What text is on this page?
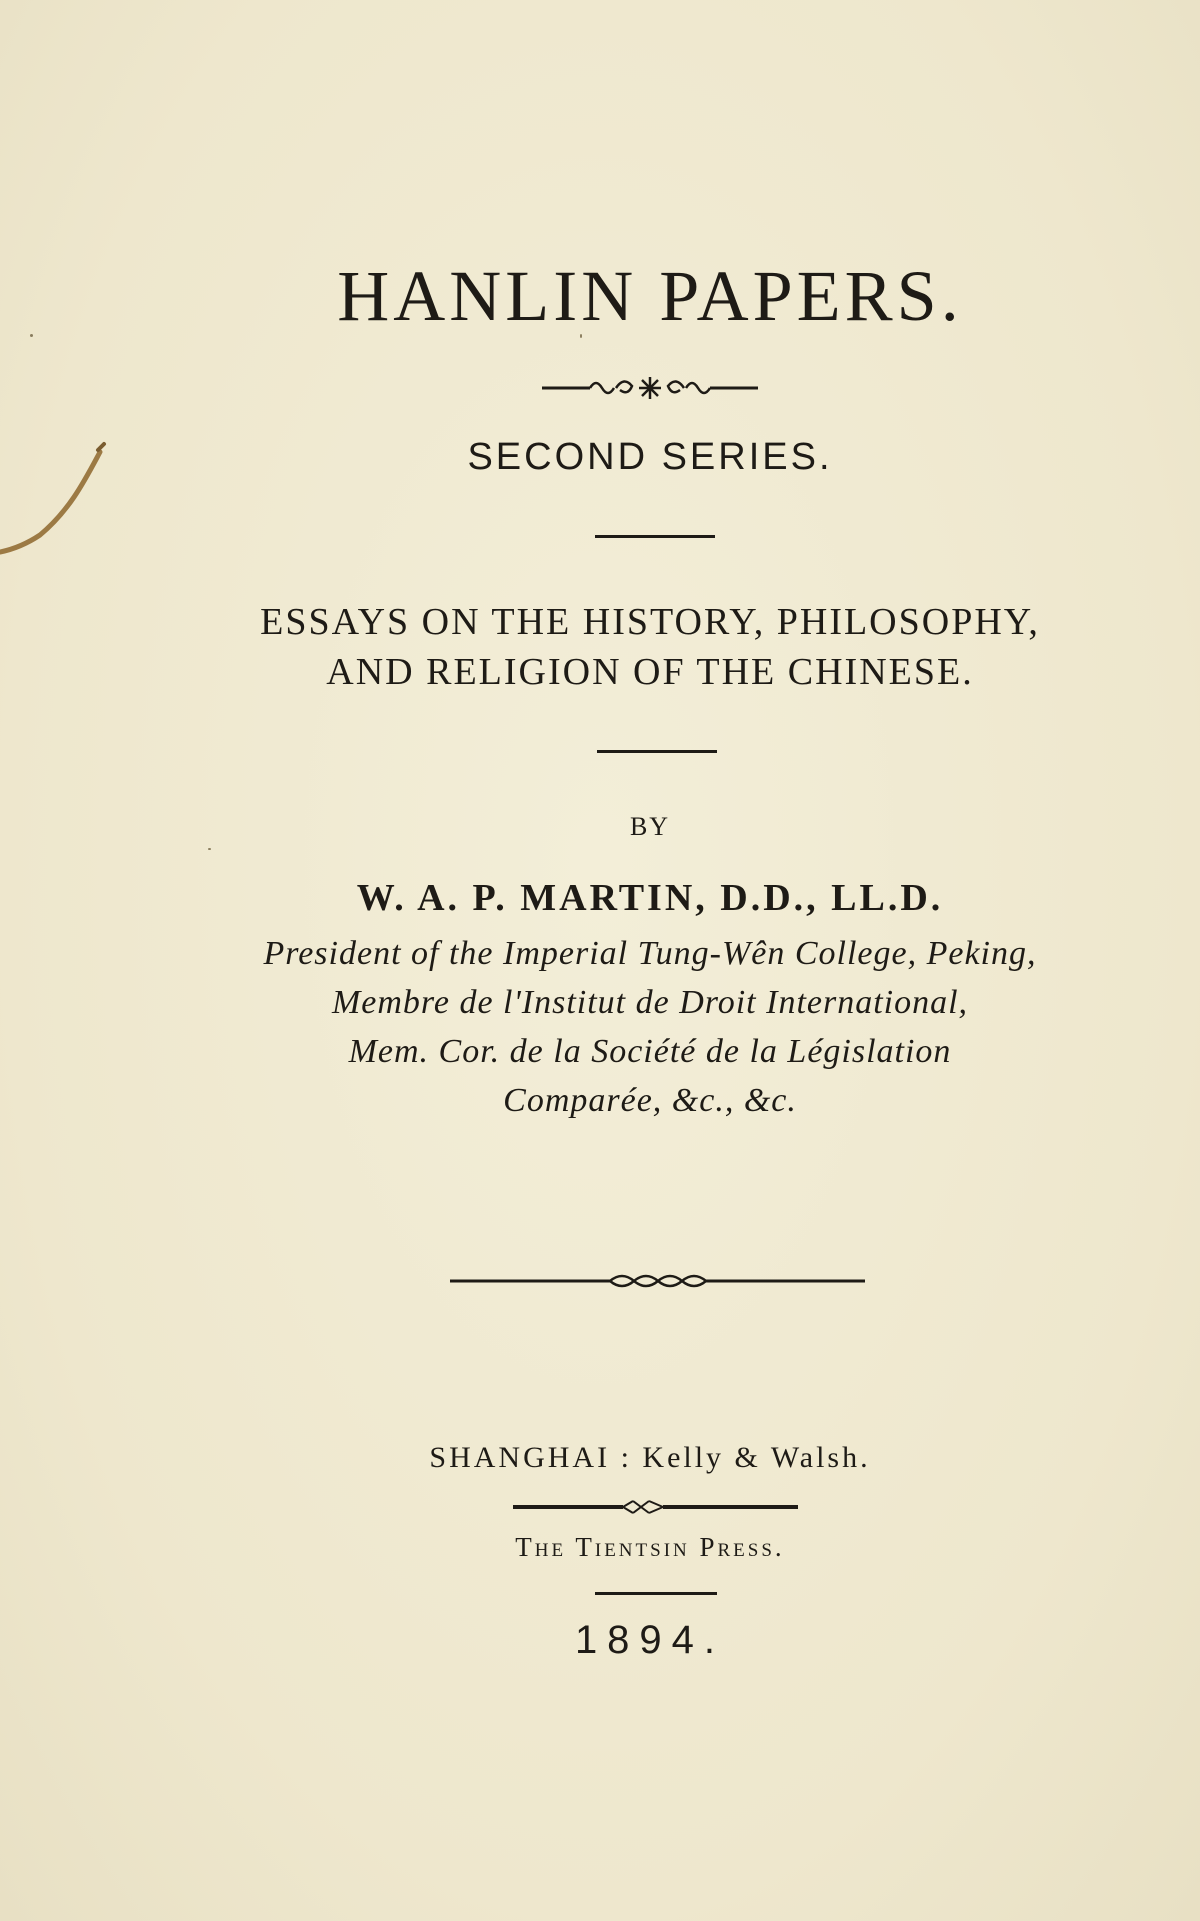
HANLIN PAPERS.
SECOND SERIES.
ESSAYS ON THE HISTORY, PHILOSOPHY,
AND RELIGION OF THE CHINESE.
BY
W. A. P. MARTIN, D.D., LL.D.
President of the Imperial Tung-Wên College, Peking,
Membre de l'Institut de Droit International,
Mem. Cor. de la Société de la Législation
Comparée, &c., &c.
SHANGHAI : Kelly & Walsh.
The Tientsin Press.
1894.
